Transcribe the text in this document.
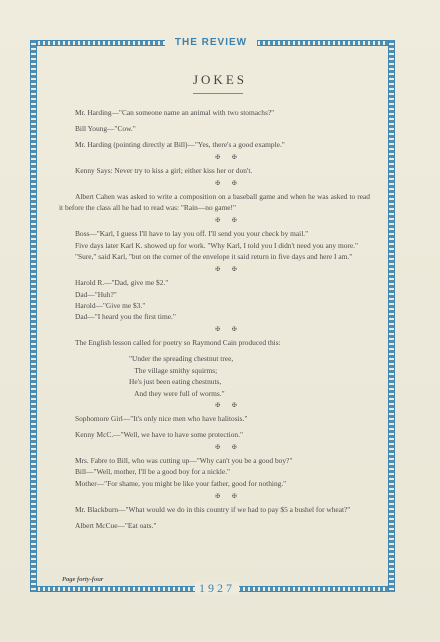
THE REVIEW
1927
Page forty-four
JOKES

Mr. Harding—"Can someone name an animal with two stomachs?"

Bill Young—"Cow."

Mr. Harding (pointing directly at Bill)—"Yes, there's a good example."

✠ ✠

Kenny Says: Never try to kiss a girl; either kiss her or don't.

✠ ✠

Albert Cahen was asked to write a composition on a baseball game and when he was asked to read it before the class all he had to read was: "Rain—no game!"

✠ ✠

Boss—"Karl, I guess I'll have to lay you off. I'll send you your check by mail."

Five days later Karl K. showed up for work. "Why Karl, I told you I didn't need you any more."

"Sure," said Karl, "but on the corner of the envelope it said return in five days and here I am."

✠ ✠

Harold R.—"Dad, give me $2."

Dad—"Huh?"

Harold—"Give me $3."

Dad—"I heard you the first time."

✠ ✠

The English lesson called for poetry so Raymond Cain produced this:

"Under the spreading chestnut tree,
The village smithy squirms;
He's just been eating chestnuts,
And they were full of worms."
✠ ✠

Sophomore Girl—"It's only nice men who have halitosis."

Kenny McC.—"Well, we have to have some protection."

✠ ✠

Mrs. Fabre to Bill, who was cutting up—"Why can't you be a good boy?"

Bill—"Well, mother, I'll be a good boy for a nickle."

Mother—"For shame, you might be like your father, good for nothing."

✠ ✠

Mr. Blackburn—"What would we do in this country if we had to pay $5 a bushel for wheat?"

Albert McCue—"Eat oats."
